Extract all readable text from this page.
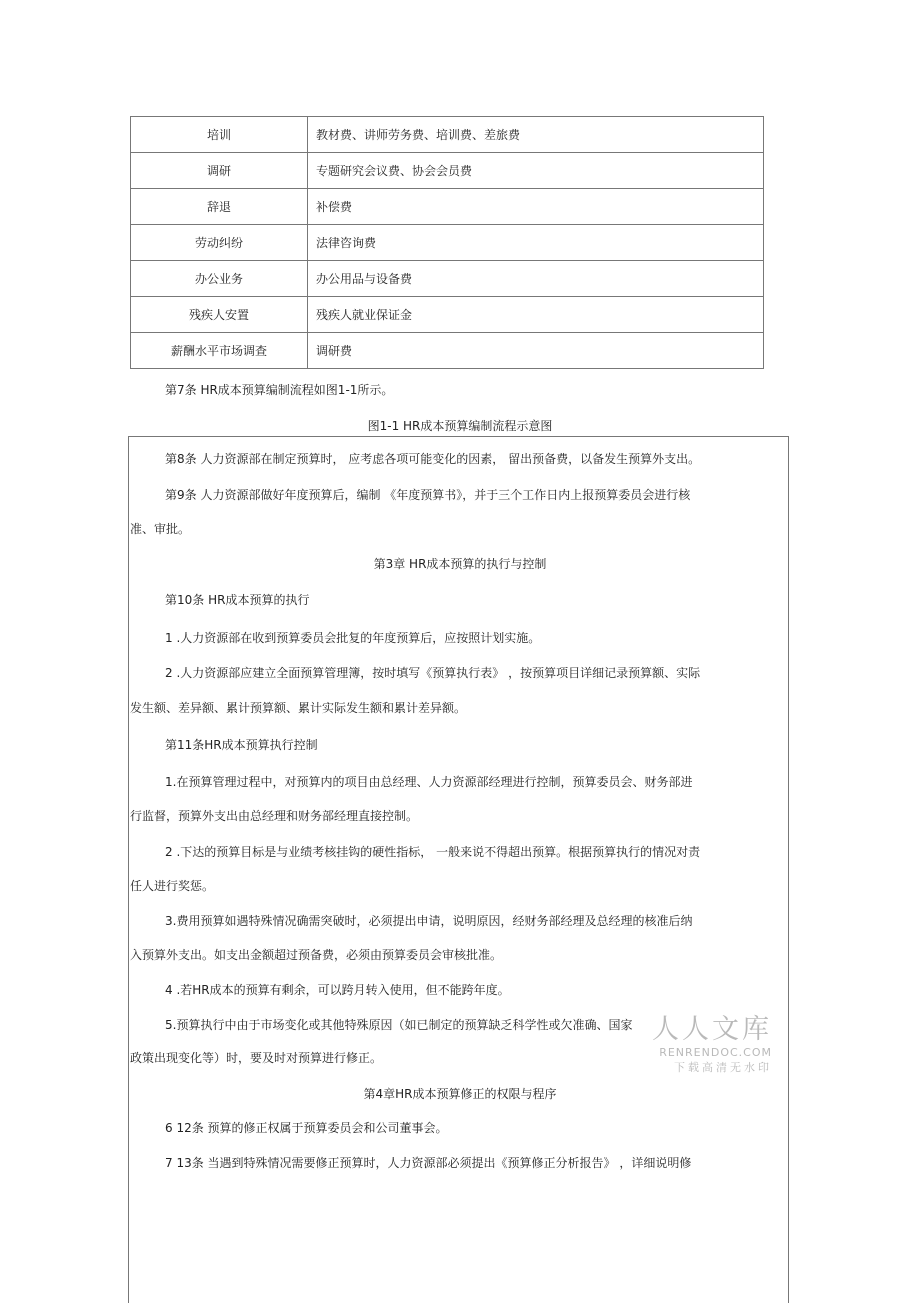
培训	教材费、讲师劳务费、培训费、差旅费
调研	专题研究会议费、协会会员费
辞退	补偿费
劳动纠纷	法律咨询费
办公业务	办公用品与设备费
残疾人安置	残疾人就业保证金
薪酬水平市场调查	调研费
第7条 HR成本预算编制流程如图1-1所示。
图1-1 HR成本预算编制流程示意图
第8条 人力资源部在制定预算时， 应考虑各项可能变化的因素， 留出预备费，以备发生预算外支出。
第9条 人力资源部做好年度预算后，编制 《年度预算书》，并于三个工作日内上报预算委员会进行核
准、审批。
第3章 HR成本预算的执行与控制
第10条 HR成本预算的执行
1 .人力资源部在收到预算委员会批复的年度预算后，应按照计划实施。
2 .人力资源部应建立全面预算管理簿，按时填写《预算执行表》 ，按预算项目详细记录预算额、实际
发生额、差异额、累计预算额、累计实际发生额和累计差异额。
第11条HR成本预算执行控制
1.在预算管理过程中，对预算内的项目由总经理、人力资源部经理进行控制，预算委员会、财务部进
行监督，预算外支出由总经理和财务部经理直接控制。
2 .下达的预算目标是与业绩考核挂钩的硬性指标， 一般来说不得超出预算。根据预算执行的情况对责
任人进行奖惩。
3.费用预算如遇特殊情况确需突破时，必须提出申请，说明原因，经财务部经理及总经理的核准后纳
入预算外支出。如支出金额超过预备费，必须由预算委员会审核批准。
4 .若HR成本的预算有剩余，可以跨月转入使用，但不能跨年度。
5.预算执行中由于市场变化或其他特殊原因（如已制定的预算缺乏科学性或欠准确、国家
政策出现变化等）时，要及时对预算进行修正。
第4章HR成本预算修正的权限与程序
6 12条 预算的修正权属于预算委员会和公司董事会。
7 13条 当遇到特殊情况需要修正预算时，人力资源部必须提出《预算修正分析报告》 ，详细说明修
人人文库
RENRENDOC.COM
下载高清无水印
